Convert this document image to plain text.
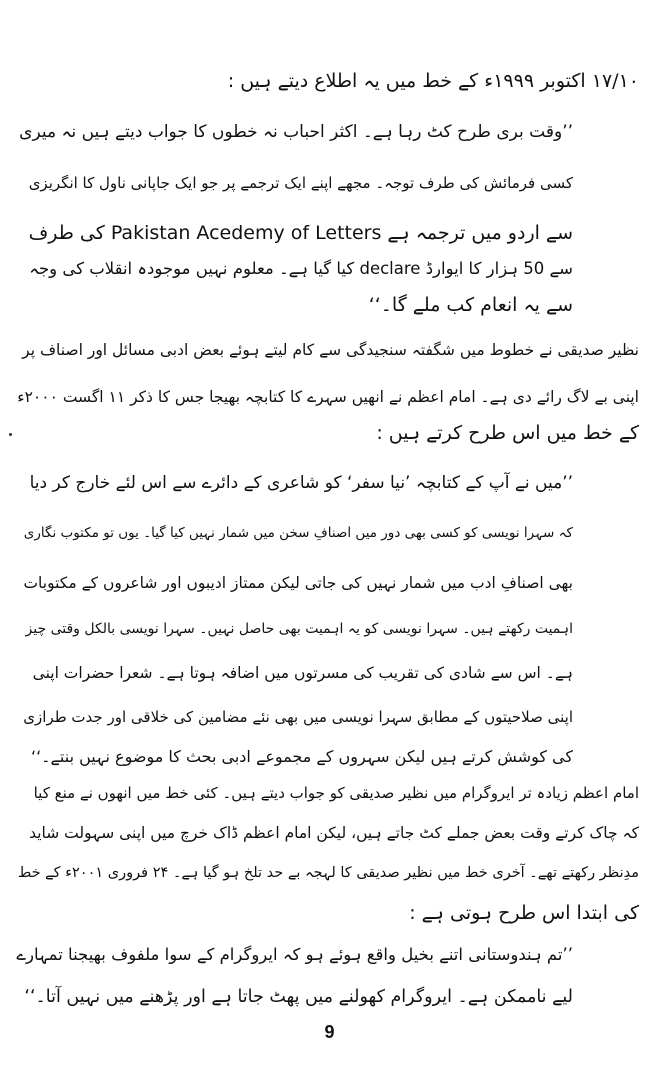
۱۷/۱۰ اکتوبر ۱۹۹۹ء کے خط میں یہ اطلاع دیتے ہیں :
’’وقت بری طرح کٹ رہا ہے۔ اکثر احباب نہ خطوں کا جواب دیتے ہیں نہ میری
کسی فرمائش کی طرف توجہ۔ مجھے اپنے ایک ترجمے پر جو ایک جاپانی ناول کا انگریزی
سے اردو میں ترجمہ ہے Pakistan Acedemy of Letters کی طرف
سے 50 ہزار کا ایوارڈ declare کیا گیا ہے۔ معلوم نہیں موجودہ انقلاب کی وجہ
سے یہ انعام کب ملے گا۔‘‘
نظیر صدیقی نے خطوط میں شگفتہ سنجیدگی سے کام لیتے ہوئے بعض ادبی مسائل اور اصناف پر
اپنی بے لاگ رائے دی ہے۔ امام اعظم نے انھیں سہرے کا کتابچہ بھیجا جس کا ذکر ۱۱ اگست ۲۰۰۰ء
کے خط میں اس طرح کرتے ہیں :
’’میں نے آپ کے کتابچہ ’نیا سفر‘ کو شاعری کے دائرے سے اس لئے خارج کر دیا
کہ سہرا نویسی کو کسی بھی دور میں اصنافِ سخن میں شمار نہیں کیا گیا۔ یوں تو مکتوب نگاری
بھی اصنافِ ادب میں شمار نہیں کی جاتی لیکن ممتاز ادیبوں اور شاعروں کے مکتوبات
اہمیت رکھتے ہیں۔ سہرا نویسی کو یہ اہمیت بھی حاصل نہیں۔ سہرا نویسی بالکل وقتی چیز
ہے۔ اس سے شادی کی تقریب کی مسرتوں میں اضافہ ہوتا ہے۔ شعرا حضرات اپنی
اپنی صلاحیتوں کے مطابق سہرا نویسی میں بھی نئے مضامین کی خلاقی اور جدت طرازی
کی کوشش کرتے ہیں لیکن سہروں کے مجموعے ادبی بحث کا موضوع نہیں بنتے۔‘‘
امام اعظم زیادہ تر ایروگرام میں نظیر صدیقی کو جواب دیتے ہیں۔ کئی خط میں انھوں نے منع کیا
کہ چاک کرتے وقت بعض جملے کٹ جاتے ہیں، لیکن امام اعظم ڈاک خرچ میں اپنی سہولت شاید
مدِنظر رکھتے تھے۔ آخری خط میں نظیر صدیقی کا لہجہ بے حد تلخ ہو گیا ہے۔ ۲۴ فروری ۲۰۰۱ء کے خط
کی ابتدا اس طرح ہوتی ہے :
’’تم ہندوستانی اتنے بخیل واقع ہوئے ہو کہ ایروگرام کے سوا ملفوف بھیجنا تمہارے
لیے ناممکن ہے۔ ایروگرام کھولنے میں پھٹ جاتا ہے اور پڑھنے میں نہیں آتا۔‘‘
9
